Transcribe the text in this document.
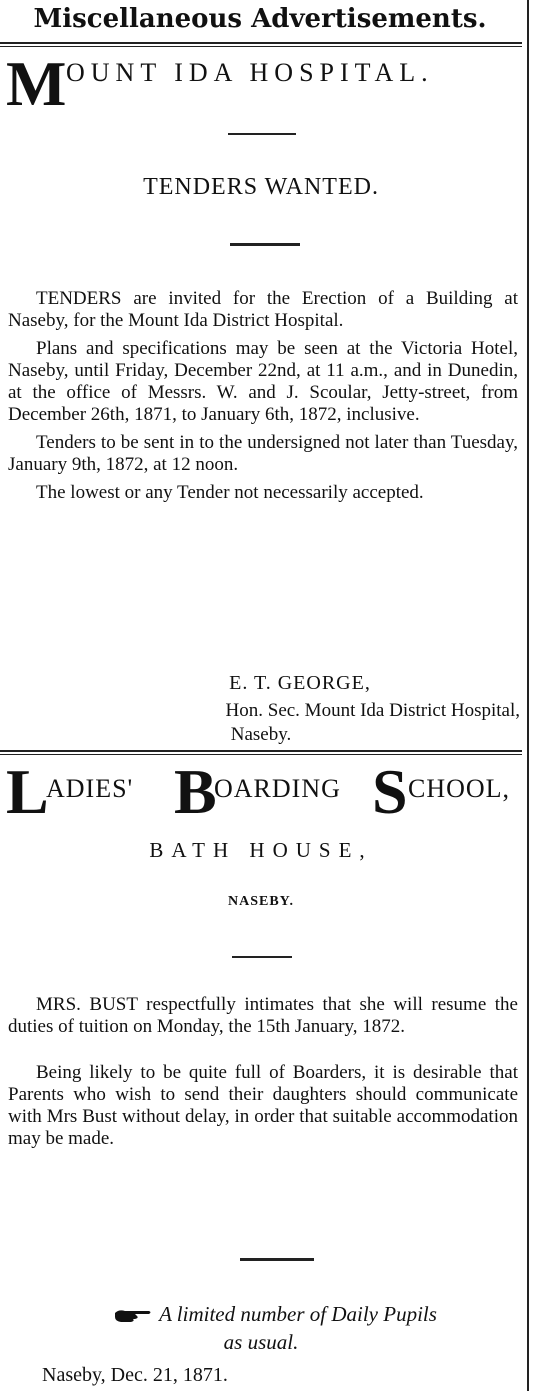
Miscellaneous Advertisements.
M OUNT IDA HOSPITAL.
TENDERS WANTED.

TENDERS are invited for the Erection of a Building at Naseby, for the Mount Ida District Hospital.

Plans and specifications may be seen at the Victoria Hotel, Naseby, until Friday, December 22nd, at 11 a.m., and in Dunedin, at the office of Messrs. W. and J. Scoular, Jetty-street, from December 26th, 1871, to January 6th, 1872, inclusive.

Tenders to be sent in to the undersigned not later than Tuesday, January 9th, 1872, at 12 noon.

The lowest or any Tender not necessarily accepted.

E. T. GEORGE,
Hon. Sec. Mount Ida District Hospital,
Naseby.
L
ADIES' B
OARDING S CHOOL,
BATH HOUSE,
NASEBY.

MRS. BUST respectfully intimates that she will resume the duties of tuition on Monday, the 15th January, 1872.

Being likely to be quite full of Boarders, it is desirable that Parents who wish to send their daughters should communicate with Mrs Bust without delay, in order that suitable accommodation may be made.

A limited number of Daily Pupils
as usual.
Naseby, Dec. 21, 1871.
